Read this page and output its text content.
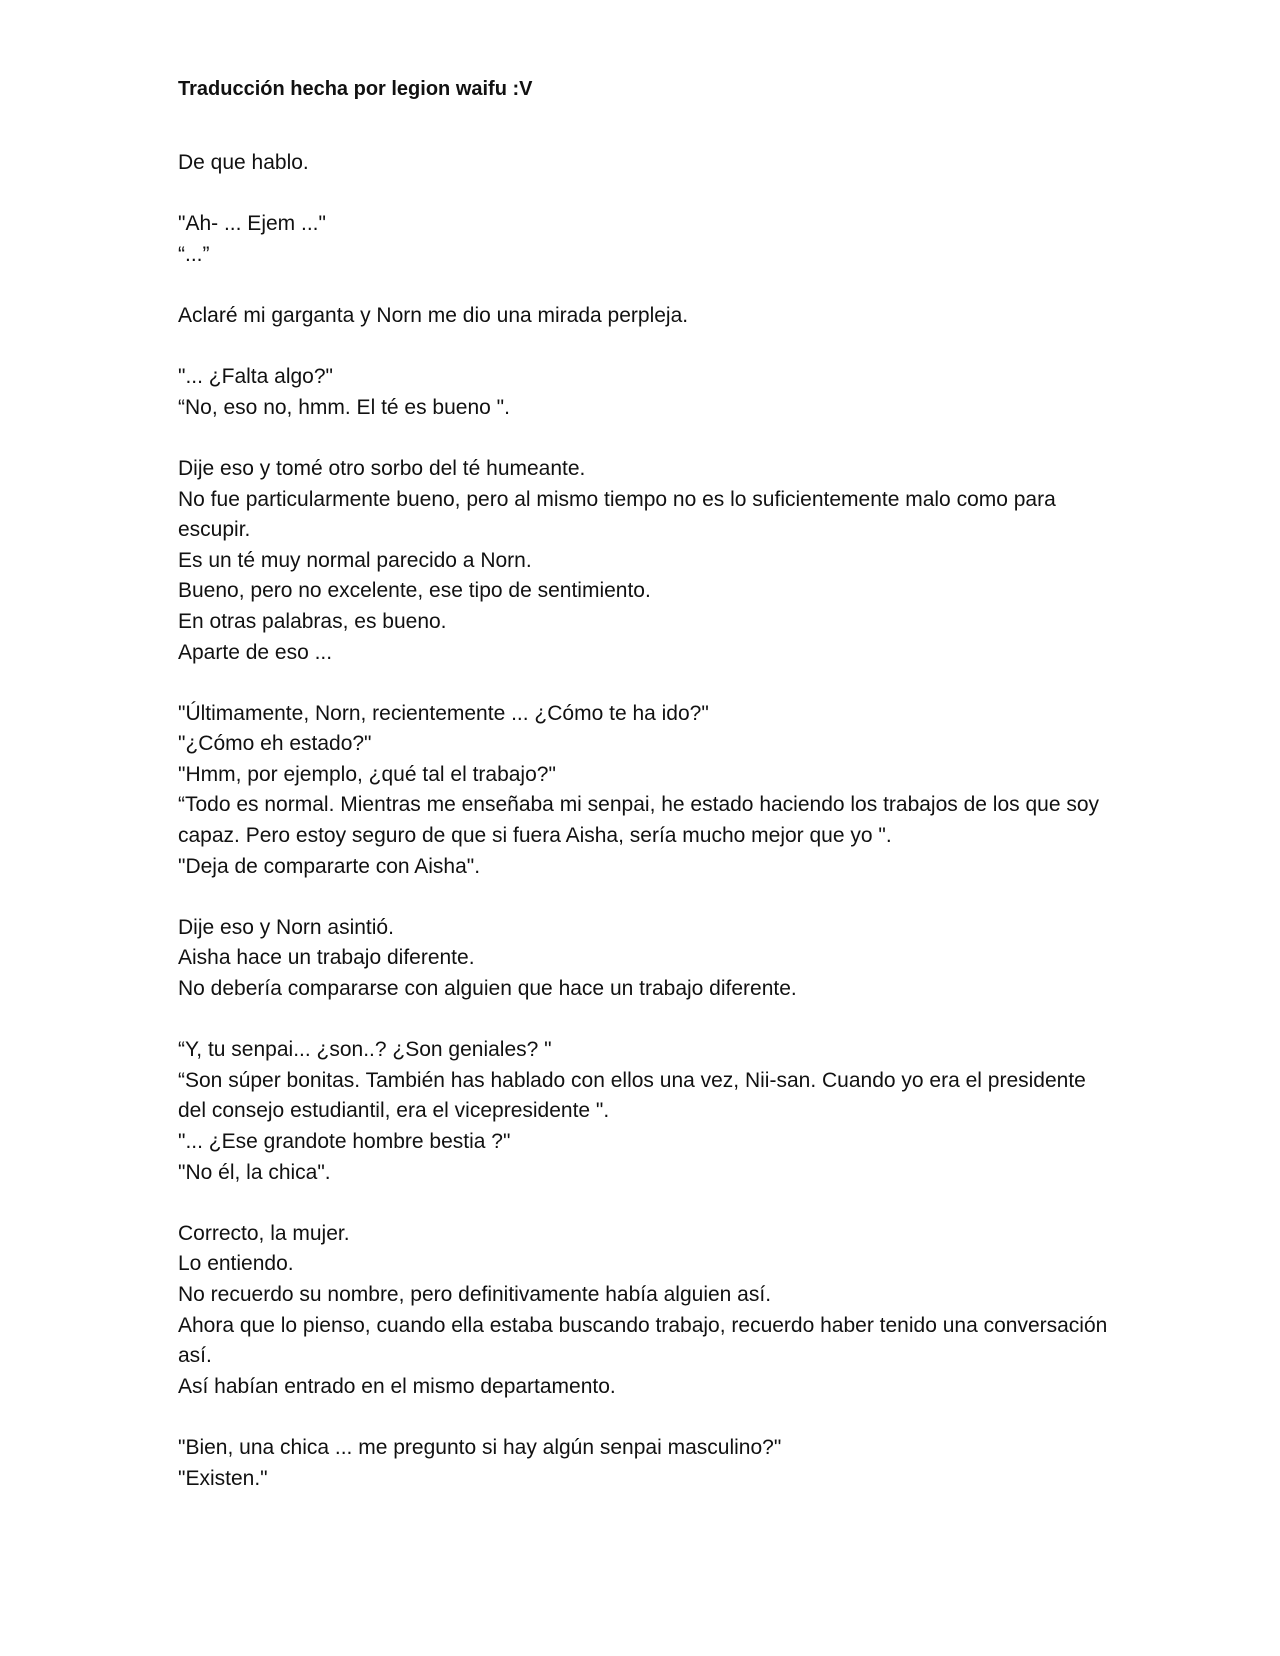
Traducción hecha por legion waifu :V
De que hablo.
"Ah- ... Ejem ..."
“...”
Aclaré mi garganta y Norn me dio una mirada perpleja.
"... ¿Falta algo?"
“No, eso no, hmm. El té es bueno ".
Dije eso y tomé otro sorbo del té humeante.
No fue particularmente bueno, pero al mismo tiempo no es lo suficientemente malo como para escupir.
Es un té muy normal parecido a Norn.
Bueno, pero no excelente, ese tipo de sentimiento.
En otras palabras, es bueno.
Aparte de eso ...
"Últimamente, Norn, recientemente ... ¿Cómo te ha ido?"
"¿Cómo eh estado?"
"Hmm, por ejemplo, ¿qué tal el trabajo?"
“Todo es normal. Mientras me enseñaba mi senpai, he estado haciendo los trabajos de los que soy capaz. Pero estoy seguro de que si fuera Aisha, sería mucho mejor que yo ".
"Deja de compararte con Aisha".
Dije eso y Norn asintió.
Aisha hace un trabajo diferente.
No debería compararse con alguien que hace un trabajo diferente.
“Y, tu senpai... ¿son..? ¿Son geniales? "
“Son súper bonitas. También has hablado con ellos una vez, Nii-san. Cuando yo era el presidente del consejo estudiantil, era el vicepresidente ".
"... ¿Ese grandote hombre bestia ?"
"No él, la chica".
Correcto, la mujer.
Lo entiendo.
No recuerdo su nombre, pero definitivamente había alguien así.
Ahora que lo pienso, cuando ella estaba buscando trabajo, recuerdo haber tenido una conversación así.
Así habían entrado en el mismo departamento.
"Bien, una chica ... me pregunto si hay algún senpai masculino?"
"Existen."
